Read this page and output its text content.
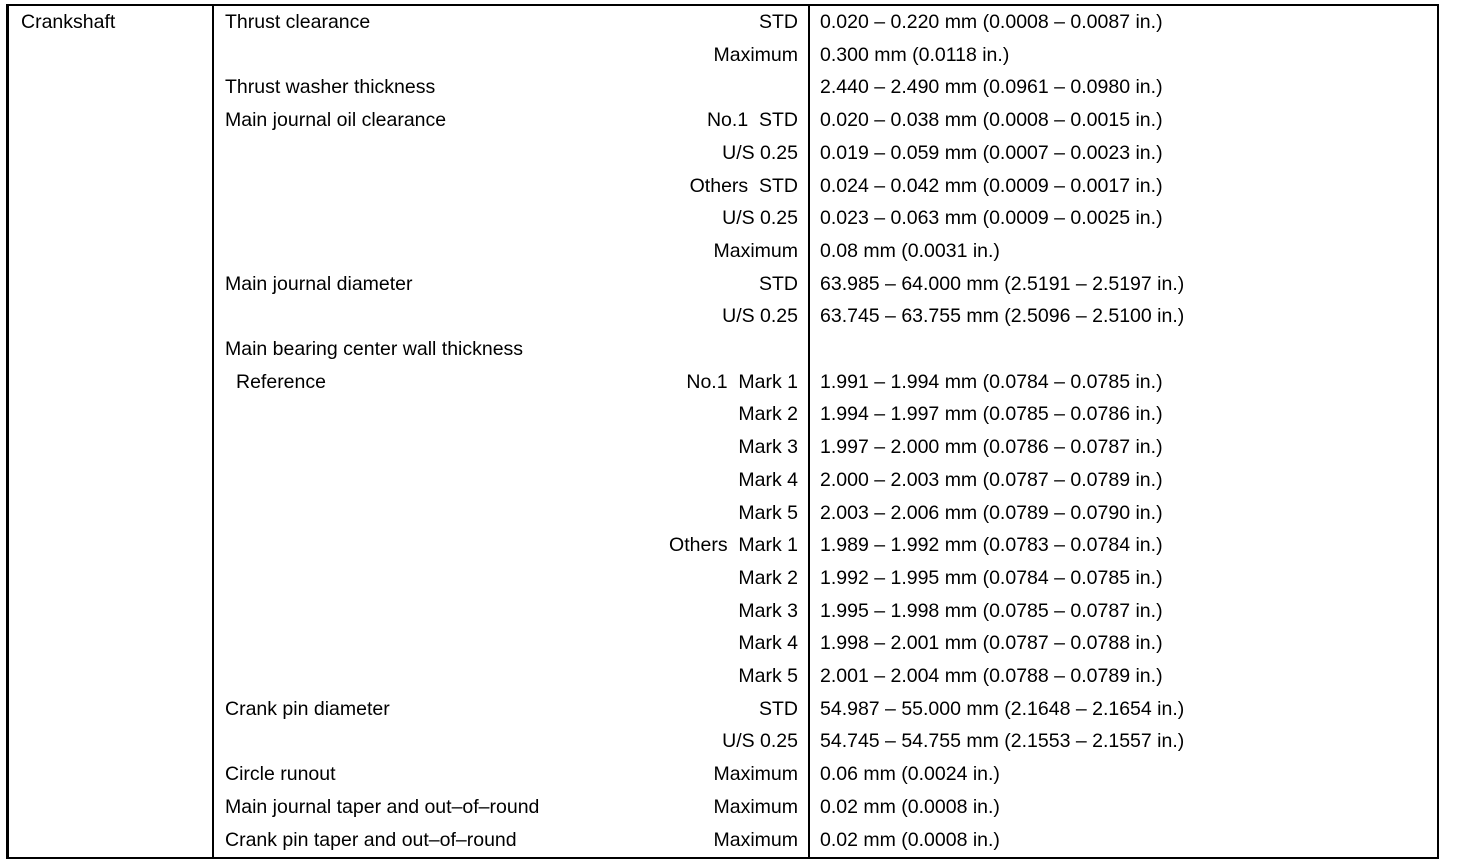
Crankshaft	Thrust clearance	STD 0.020 – 0.220 mm (0.0008 – 0.0087 in.)
Maximum 0.300 mm (0.0118 in.)
Thrust washer thickness	2.440 – 2.490 mm (0.0961 – 0.0980 in.)
Main journal oil clearance	No.1  STD 0.020 – 0.038 mm (0.0008 – 0.0015 in.)
U/S 0.25 0.019 – 0.059 mm (0.0007 – 0.0023 in.)
Others  STD 0.024 – 0.042 mm (0.0009 – 0.0017 in.)
U/S 0.25 0.023 – 0.063 mm (0.0009 – 0.0025 in.)
Maximum 0.08 mm (0.0031 in.)
Main journal diameter	STD 63.985 – 64.000 mm (2.5191 – 2.5197 in.)
U/S 0.25 63.745 – 63.755 mm (2.5096 – 2.5100 in.)
Main bearing center wall thickness
Reference	No.1  Mark 1 1.991 – 1.994 mm (0.0784 – 0.0785 in.)
Mark 2 1.994 – 1.997 mm (0.0785 – 0.0786 in.)
Mark 3 1.997 – 2.000 mm (0.0786 – 0.0787 in.)
Mark 4 2.000 – 2.003 mm (0.0787 – 0.0789 in.)
Mark 5 2.003 – 2.006 mm (0.0789 – 0.0790 in.)
Others  Mark 1 1.989 – 1.992 mm (0.0783 – 0.0784 in.)
Mark 2 1.992 – 1.995 mm (0.0784 – 0.0785 in.)
Mark 3 1.995 – 1.998 mm (0.0785 – 0.0787 in.)
Mark 4 1.998 – 2.001 mm (0.0787 – 0.0788 in.)
Mark 5 2.001 – 2.004 mm (0.0788 – 0.0789 in.)
Crank pin diameter	STD 54.987 – 55.000 mm (2.1648 – 2.1654 in.)
U/S 0.25 54.745 – 54.755 mm (2.1553 – 2.1557 in.)
Circle runout	Maximum 0.06 mm (0.0024 in.)
Main journal taper and out–of–round	Maximum 0.02 mm (0.0008 in.)
Crank pin taper and out–of–round	Maximum 0.02 mm (0.0008 in.)
